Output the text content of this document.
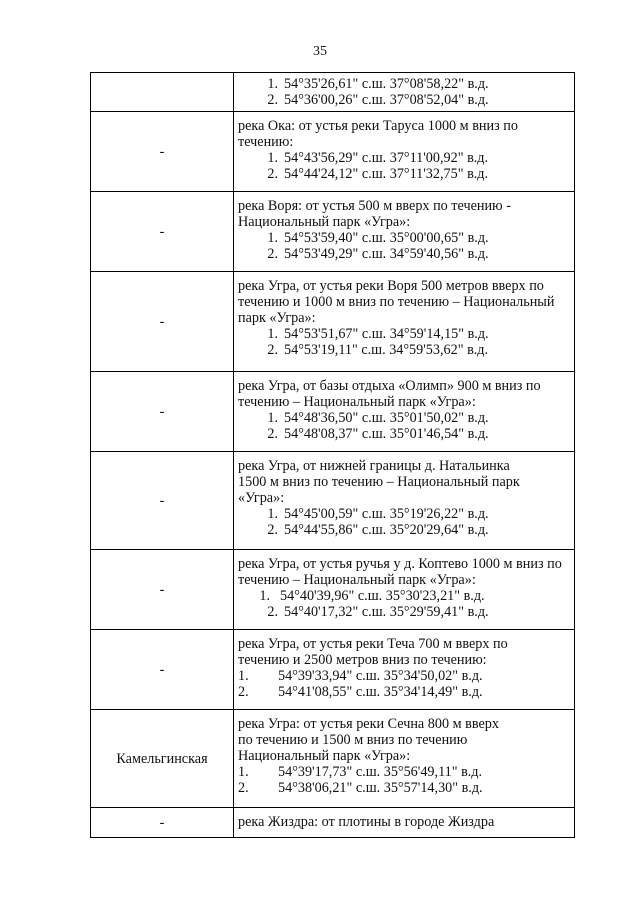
35

	1. 54°35'26,61" с.ш. 37°08'58,22" в.д.
2. 54°36'00,26" с.ш. 37°08'52,04" в.д.

-	река Ока: от устья реки Таруса 1000 м вниз по течению:
1. 54°43'56,29" с.ш. 37°11'00,92" в.д.
2. 54°44'24,12" с.ш. 37°11'32,75" в.д.

-	река Воря: от устья 500 м вверх по течению - Национальный парк «Угра»:
1. 54°53'59,40" с.ш. 35°00'00,65" в.д.
2. 54°53'49,29" с.ш. 34°59'40,56" в.д.

-	река Угра, от устья реки Воря 500 метров вверх по течению и 1000 м вниз по течению – Национальный парк «Угра»:
1. 54°53'51,67" с.ш. 34°59'14,15" в.д.
2. 54°53'19,11" с.ш. 34°59'53,62" в.д.

-	река Угра, от базы отдыха «Олимп» 900 м вниз по течению – Национальный парк «Угра»:
1. 54°48'36,50" с.ш. 35°01'50,02" в.д.
2. 54°48'08,37" с.ш. 35°01'46,54" в.д.

-	река Угра, от нижней границы д. Натальинка 1500 м вниз по течению – Национальный парк «Угра»:
1. 54°45'00,59" с.ш. 35°19'26,22" в.д.
2. 54°44'55,86" с.ш. 35°20'29,64" в.д.

-	река Угра, от устья ручья у д. Коптево 1000 м вниз по течению – Национальный парк «Угра»:
1. 54°40'39,96" с.ш. 35°30'23,21" в.д.
2. 54°40'17,32" с.ш. 35°29'59,41" в.д.

-	река Угра, от устья реки Теча 700 м вверх по течению и 2500 метров вниз по течению:
1. 54°39'33,94" с.ш. 35°34'50,02" в.д.
2. 54°41'08,55" с.ш. 35°34'14,49" в.д.

Камельгинская	река Угра: от устья реки Сечна 800 м вверх по течению и 1500 м вниз по течению Национальный парк «Угра»:
1. 54°39'17,73" с.ш. 35°56'49,11" в.д.
2. 54°38'06,21" с.ш. 35°57'14,30" в.д.

-	река Жиздра: от плотины в городе Жиздра
